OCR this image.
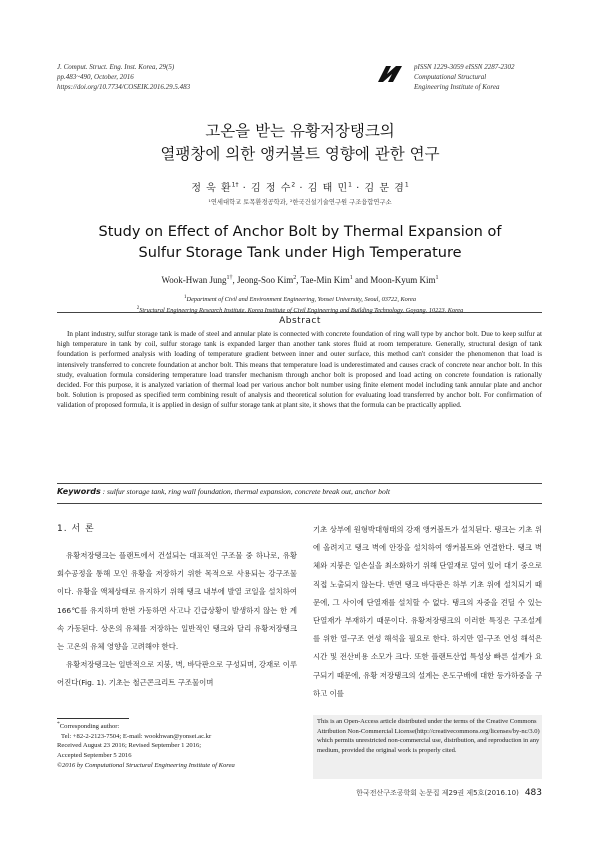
J. Comput. Struct. Eng. Inst. Korea, 29(5)
pp.483~490, October, 2016
https://doi.org/10.7734/COSEIK.2016.29.5.483
pISSN 1229-3059 eISSN 2287-2302
Computational Structural
Engineering Institute of Korea
고온을 받는 유황저장탱크의
열팽창에 의한 앵커볼트 영향에 관한 연구
정 욱 환$^{1\dagger}$ · 김 정 수$^2$ · 김 태 민$^1$ · 김 문 겸$^1$
¹연세대학교 토목환경공학과, ²한국건설기술연구원 구조융합연구소
Study on Effect of Anchor Bolt by Thermal Expansion of
Sulfur Storage Tank under High Temperature
Wook-Hwan Jung$^{1\dagger}$, Jeong-Soo Kim$^2$, Tae-Min Kim$^1$ and Moon-Kyum Kim$^1$
$^1$Department of Civil and Environment Engineering, Yonsei University, Seoul, 03722, Korea
$^2$Structural Engineering Research Institute, Korea Institute of Civil Engineering and Building Technology, Goyang, 10223, Korea
Abstract
In plant industry, sulfur storage tank is made of steel and annular plate is connected with concrete foundation of ring wall type by anchor bolt. Due to keep sulfur at high temperature in tank by coil, sulfur storage tank is expanded larger than another tank stores fluid at room temperature. Generally, structural design of tank foundation is performed analysis with loading of temperature gradient between inner and outer surface, this method can't consider the phenomenon that load is intensively transferred to concrete foundation at anchor bolt. This means that temperature load is underestimated and causes crack of concrete near anchor bolt. In this study, evaluation formula considering temperature load transfer mechanism through anchor bolt is proposed and load acting on concrete foundation is rationally decided. For this purpose, it is analyzed variation of thermal load per various anchor bolt number using finite element model including tank annular plate and anchor bolt. Solution is proposed as specified term combining result of analysis and theoretical solution for evaluating load transferred by anchor bolt. For confirmation of validation of proposed formula, it is applied in design of sulfur storage tank at plant site, it shows that the formula can be practically applied.
Keywords : sulfur storage tank, ring wall foundation, thermal expansion, concrete break out, anchor bolt
1. 서 론

유황저장탱크는 플랜트에서 건설되는 대표적인 구조물 중 하나로, 유황회수공정을 통해 모인 유황을 저장하기 위한 목적으로 사용되는 강구조물이다. 유황을 액체상태로 유지하기 위해 탱크 내부에 발열 코일을 설치하여 166℃를 유지하며 한번 가동하면 사고나 긴급상황이 발생하지 않는 한 계속 가동된다. 상온의 유체를 저장하는 일반적인 탱크와 달리 유황저장탱크는 고온의 유체 영향을 고려해야 한다.

유황저장탱크는 일반적으로 지붕, 벽, 바닥판으로 구성되며, 강재로 이루어진다(Fig. 1). 기초는 철근콘크리트 구조물이며

기초 상부에 원형박대형태의 강재 앵커볼트가 설치된다. 탱크는 기초 위에 올려지고 탱크 벽에 안장을 설치하여 앵커볼트와 연결한다. 탱크 벽체와 지붕은 일손실을 최소화하기 위해 단열재로 덮여 있어 대기 중으로 직접 노출되지 않는다. 반면 탱크 바닥판은 하부 기초 위에 설치되기 때문에, 그 사이에 단열재를 설치할 수 없다. 탱크의 자중을 견딜 수 있는 단열재가 부재하기 때문이다. 유황저장탱크의 이러한 특징은 구조설계를 위한 열-구조 연성 해석을 필요로 한다. 하지만 열-구조 연성 해석은 시간 및 전산비용 소모가 크다. 또한 플랜트산업 특성상 빠른 설계가 요구되기 때문에, 유황 저장탱크의 설계는 온도구배에 대한 등가하중을 구하고 이를

*Corresponding author:
Tel: +82-2-2123-7504; E-mail: wookhwan@yonsei.ac.kr
Received August 23 2016; Revised September 1 2016;
Accepted September 5 2016
©2016 by Computational Structural Engineering Institute of Korea
This is an Open-Access article distributed under the terms of the Creative Commons Attribution Non-Commercial License(http://creativecommons.org/licenses/by-nc/3.0) which permits unrestricted non-commercial use, distribution, and reproduction in any medium, provided the original work is properly cited.
한국전산구조공학회 논문집 제29권 제5호(2016.10) 483
